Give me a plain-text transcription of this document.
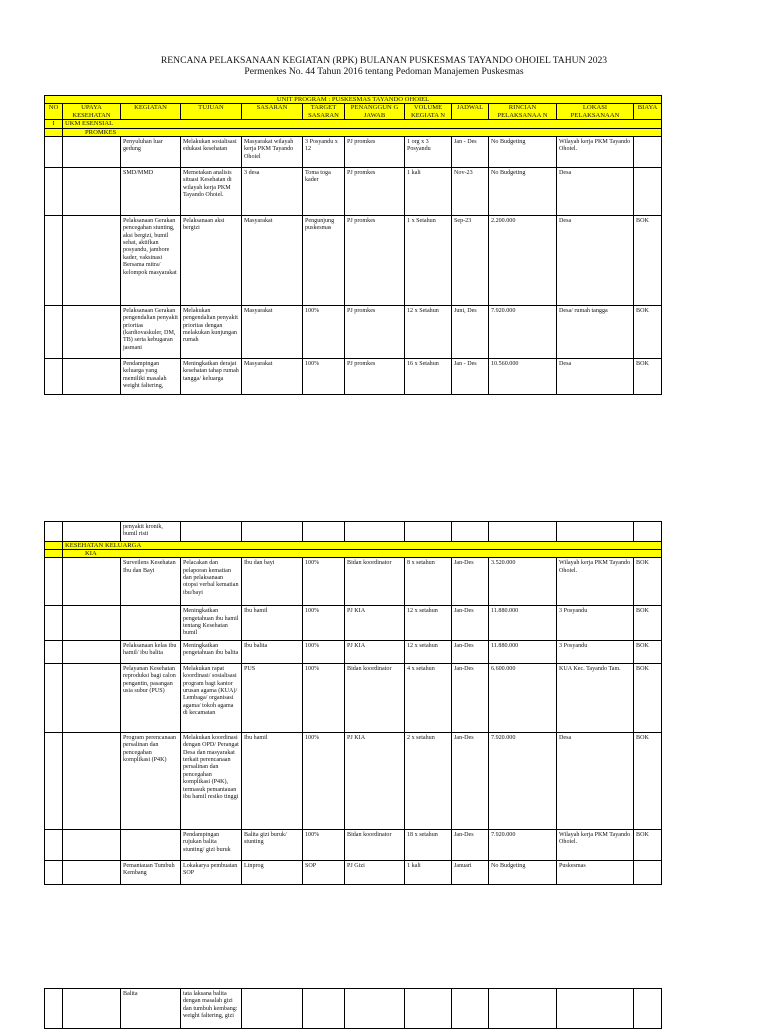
RENCANA PELAKSANAAN KEGIATAN (RPK) BULANAN PUSKESMAS TAYANDO OHOIEL TAHUN 2023
Permenkes No. 44 Tahun 2016 tentang Pedoman Manajemen Puskesmas
UNIT PROGRAM : PUSKESMAS TAYANDO OHOIEL											
NO	UPAYA KESEHATAN	KEGIATAN	TUJUAN	SASARAN	TARGET SASARAN	PENANGGUN G JAWAB	VOLUME KEGIATA N	JADWAL	RINCIAN PELAKSANAA N	LOKASI PELAKSANAAN	BIAYA
I	UKM ESENSIAL										
	PROMKES										
		Penyuluhan luar gedung	Melakukan sosialisasi edukasi kesehatan	Masyarakat wilayah kerja PKM Tayando Ohoiel	3 Posyandu x 12	PJ promkes	1 org x 3 Posyandu	Jan - Des	No Budgeting	Wilayah kerja PKM Tayando Ohoiel.	
		SMD/MMD	Memetakan analisis situasi Kesehatan di wilayah kerja PKM Tayando Ohoiel.	3 desa	Toma toga kader	PJ promkes	1 kali	Nov-23	No Budgeting	Desa	
		Pelaksanaan Gerakan pencegahan stunting, aksi bergizi, bumil sehat, aktifkan posyandu, jambore kader, vaksinasi Bersama mitra/ kelompok masyarakat	Pelaksanaan aksi bergizi	Masyarakat	Pengunjung puskesmas	PJ promkes	1 x Setahun	Sep-23	2.200.000	Desa	BOK
		Pelaksanaan Gerakan pengendalian penyakit prioritas (kardiovaskuler, DM, TB) serta kebugaran jasmani	Melakukan pengendalian penyakit prioritas dengan melakukan kunjungan rumah	Masyarakat	100%	PJ promkes	12 x Setahun	Juni, Des	7.920.000	Desa/ rumah tangga	BOK
		Pendampingan keluarga yang memiliki masalah weight faltering,	Meningkatkan derajat kesehatan tahap rumah tangga/ keluarga	Masyarakat	100%	PJ promkes	16 x Setahun	Jan - Des	10.560.000	Desa	BOK
		penyakit kronik, bumil risti									
	KESEHATAN KELUARGA										
	KIA										
		Surveilens Kesehatan Ibu dan Bayi	Pelacakan dan pelaporan kematian dan pelaksanaan otopsi verbal kematian ibu/bayi	Ibu dan bayi	100%	Bidan koordinator	8 x setahun	Jan-Des	3.520.000	Wilayah kerja PKM Tayando Ohoiel.	BOK
			Meningkatkan pengetahuan ibu hamil tentang Kesehatan bumil	Ibu hamil	100%	PJ KIA	12 x setahun	Jan-Des	11.880.000	3 Posyandu	BOK
		Pelaksanaan kelas ibu hamil/ ibu balita	Meningkatkan pengetahuan ibu balita	Ibu balita	100%	PJ KIA	12 x setahun	Jan-Des	11.880.000	3 Posyandu	BOK
		Pelayanan Kesehatan reproduksi bagi calon pengantin, pasangan usia subur (PUS)	Melakukan rapat koordinasi/ sosialisasi program bagi kantor urusan agama (KUA)/ Lembaga/ organisasi agama/ tokoh agama di kecamatan	PUS	100%	Bidan koordinator	4 x setahun	Jan-Des	6.600.000	KUA Kec. Tayando Tam.	BOK
		Program perencanaan persalinan dan pencegahan komplikasi (P4K)	Melakukan koordinasi dengan OPD/ Perangat Desa dan masyarakat terkait perencanaan persalinan dan pencegahan komplikasi (P4K), termasuk pemantauan ibu hamil resiko tinggi	Ibu hamil	100%	PJ KIA	2 x setahun	Jan-Des	7.920.000	Desa	BOK
			Pendampingan rujukan balita stunting/ gizi buruk	Balita gizi buruk/ stunting	100%	Bidan koordinator	18 x setahun	Jan-Des	7.920.000	Wilayah kerja PKM Tayando Ohoiel.	BOK
		Pemantauan Tumbuh Kembang	Lokakarya pembuatan SOP	Linprog	SOP	PJ Gizi	1 kali	Januari	No Budgeting	Puskesmas	
		Balita	tata laksana balita dengan masalah gizi dan tumbuh kembang: weight faltering, gizi								
